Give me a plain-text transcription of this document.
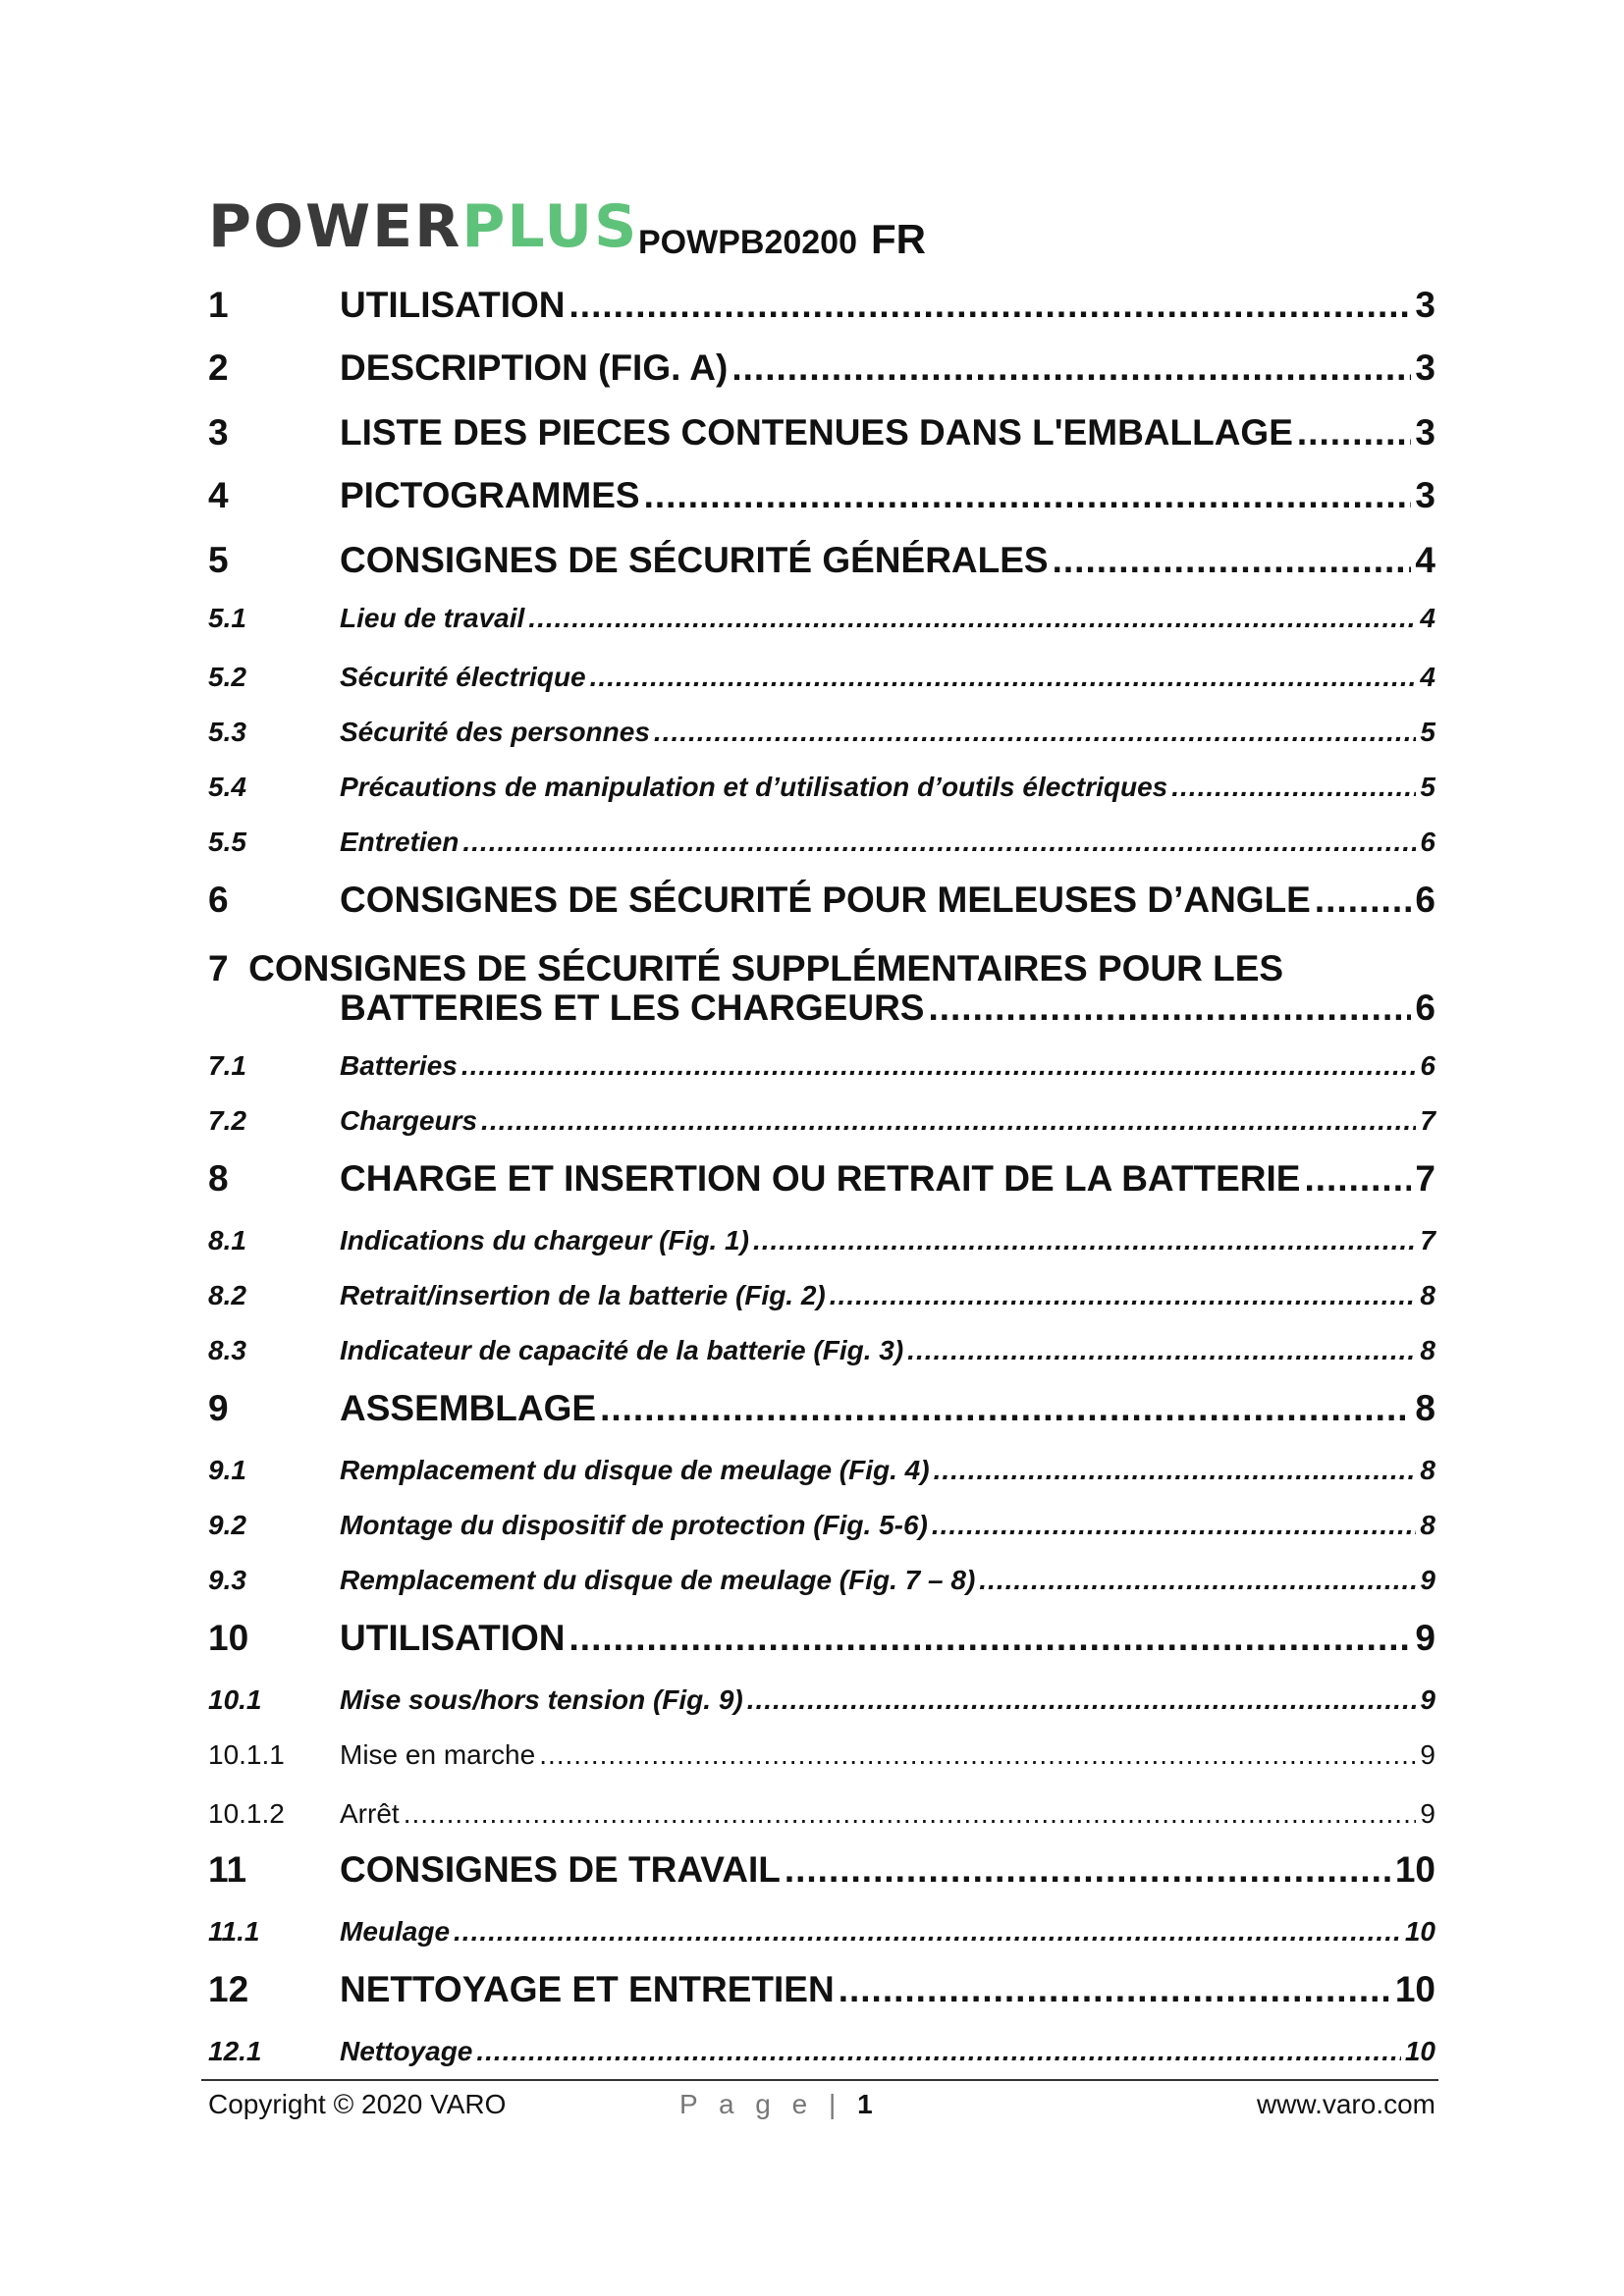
POWERPLUS POWPB20200 FR
1	UTILISATION .....	3
2	DESCRIPTION (FIG. A) .....	3
3	LISTE DES PIECES CONTENUES DANS L'EMBALLAGE .....	3
4	PICTOGRAMMES .....	3
5	CONSIGNES DE SÉCURITÉ GÉNÉRALES .....	4
5.1	Lieu de travail .....	4
5.2	Sécurité électrique .....	4
5.3	Sécurité des personnes .....	5
5.4	Précautions de manipulation et d’utilisation d’outils électriques .....	5
5.5	Entretien .....	6
6	CONSIGNES DE SÉCURITÉ POUR MELEUSES D’ANGLE .....	6
7 CONSIGNES DE SÉCURITÉ SUPPLÉMENTAIRES POUR LES
BATTERIES ET LES CHARGEURS .....	6
7.1	Batteries .....	6
7.2	Chargeurs .....	7
8	CHARGE ET INSERTION OU RETRAIT DE LA BATTERIE .....	7
8.1	Indications du chargeur (Fig. 1) .....	7
8.2	Retrait/insertion de la batterie (Fig. 2) .....	8
8.3	Indicateur de capacité de la batterie (Fig. 3) .....	8
9	ASSEMBLAGE .....	8
9.1	Remplacement du disque de meulage (Fig. 4) .....	8
9.2	Montage du dispositif de protection (Fig. 5-6) .....	8
9.3	Remplacement du disque de meulage (Fig. 7 – 8) .....	9
10	UTILISATION .....	9
10.1	Mise sous/hors tension (Fig. 9) .....	9
10.1.1	Mise en marche .....	9
10.1.2	Arrêt .....	9
11	CONSIGNES DE TRAVAIL .....	10
11.1	Meulage .....	10
12	NETTOYAGE ET ENTRETIEN .....	10
12.1	Nettoyage .....	10
Copyright © 2020 VARO	P a g e | 1	www.varo.com
